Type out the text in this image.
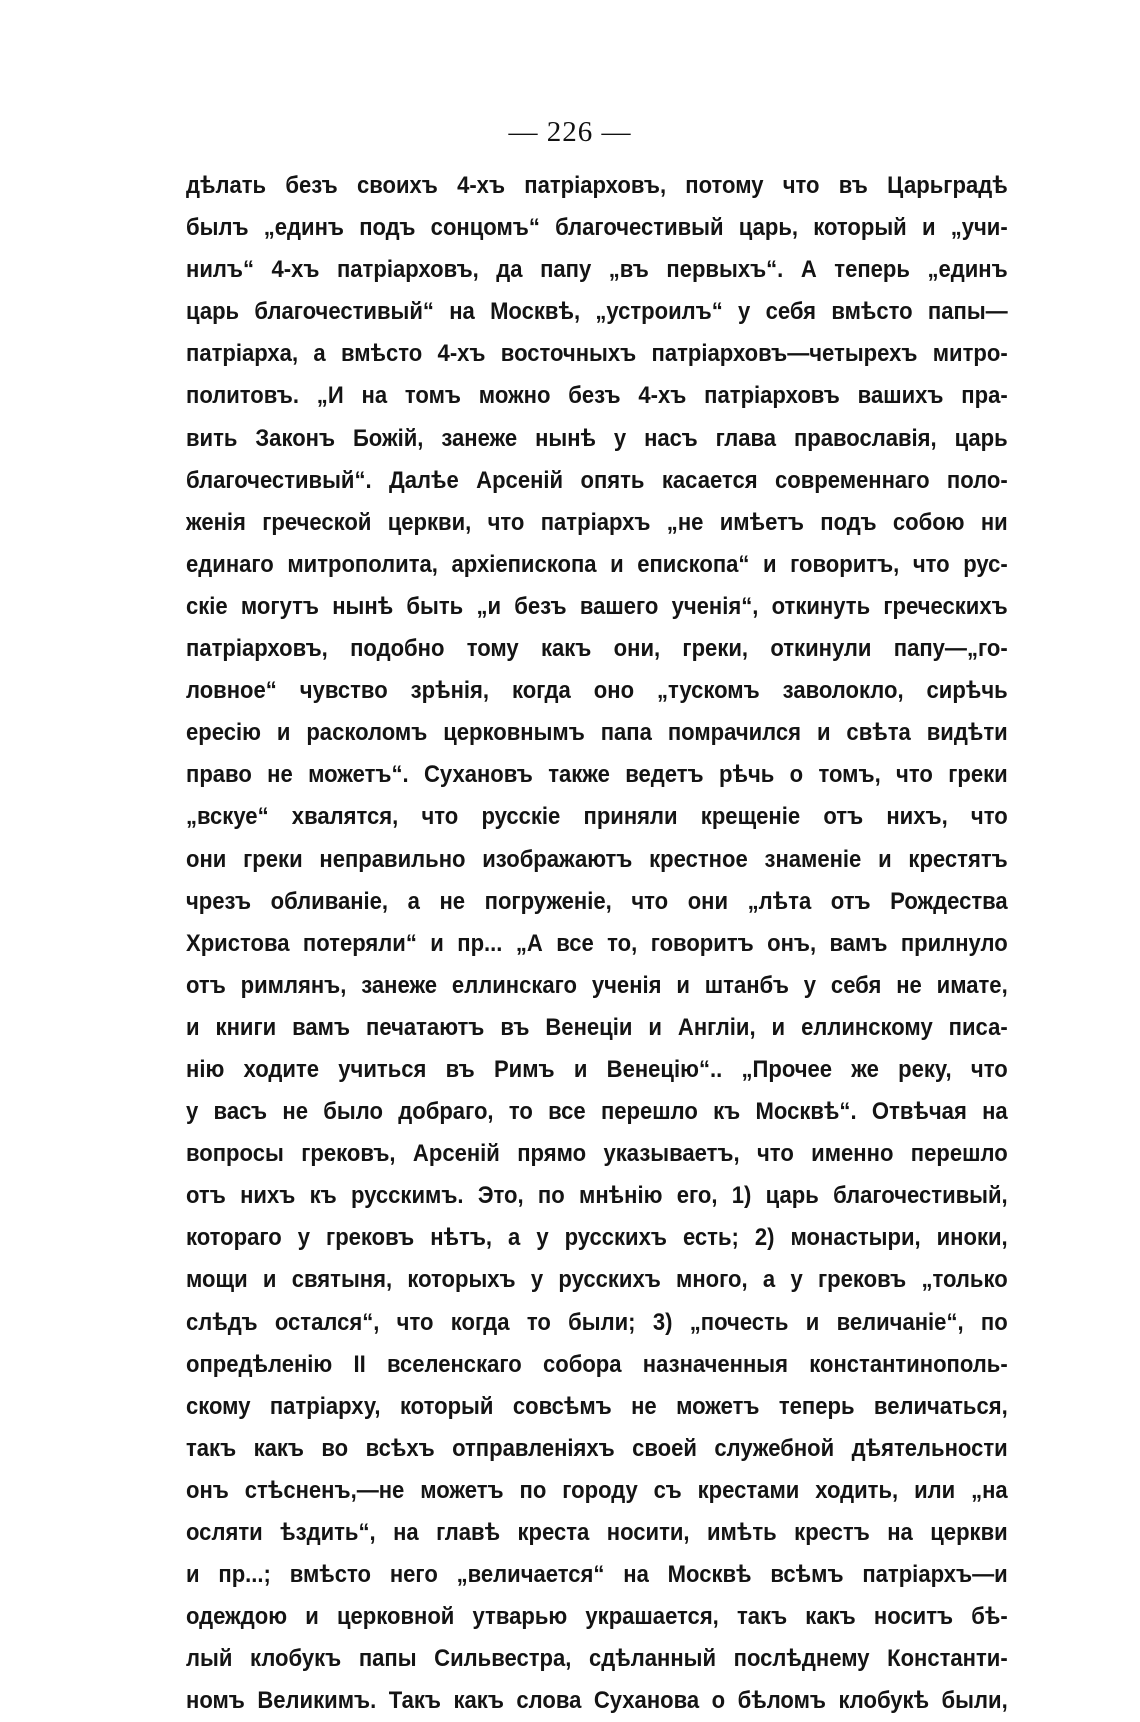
— 226 —
дѣлать безъ своихъ 4-хъ патріарховъ, потому что въ Царьградѣ
былъ „единъ подъ сонцомъ“ благочестивый царь, который и „учи-
нилъ“ 4-хъ патріарховъ, да папу „въ первыхъ“. А теперь „единъ
царь благочестивый“ на Москвѣ, „устроилъ“ у себя вмѣсто папы—
патріарха, а вмѣсто 4-хъ восточныхъ патріарховъ—четырехъ митро-
политовъ. „И на томъ можно безъ 4-хъ патріарховъ вашихъ пра-
вить Законъ Божій, занеже нынѣ у насъ глава православія, царь
благочестивый“. Далѣе Арсеній опять касается современнаго поло-
женія греческой церкви, что патріархъ „не имѣетъ подъ собою ни
единаго митрополита, архіепископа и епископа“ и говоритъ, что рус-
скіе могутъ нынѣ быть „и безъ вашего ученія“, откинуть греческихъ
патріарховъ, подобно тому какъ они, греки, откинули папу—„го-
ловное“ чувство зрѣнія, когда оно „тускомъ заволокло, сирѣчь
ересію и расколомъ церковнымъ папа помрачился и свѣта видѣти
право не можетъ“. Сухановъ также ведетъ рѣчь о томъ, что греки
„вскуе“ хвалятся, что русскіе приняли крещеніе отъ нихъ, что
они греки неправильно изображаютъ крестное знаменіе и крестятъ
чрезъ обливаніе, а не погруженіе, что они „лѣта отъ Рождества
Христова потеряли“ и пр... „А все то, говоритъ онъ, вамъ прилнуло
отъ римлянъ, занеже еллинскаго ученія и штанбъ у себя не имате,
и книги вамъ печатаютъ въ Венеціи и Англіи, и еллинскому писа-
нію ходите учиться въ Римъ и Венецію“.. „Прочее же реку, что
у васъ не было добраго, то все перешло къ Москвѣ“. Отвѣчая на
вопросы грековъ, Арсеній прямо указываетъ, что именно перешло
отъ нихъ къ русскимъ. Это, по мнѣнію его, 1) царь благочестивый,
котораго у грековъ нѣтъ, а у русскихъ есть; 2) монастыри, иноки,
мощи и святыня, которыхъ у русскихъ много, а у грековъ „только
слѣдъ остался“, что когда то были; 3) „почесть и величаніе“, по
опредѣленію II вселенскаго собора назначенныя константинополь-
скому патріарху, который совсѣмъ не можетъ теперь величаться,
такъ какъ во всѣхъ отправленіяхъ своей служебной дѣятельности
онъ стѣсненъ,—не можетъ по городу съ крестами ходить, или „на
осляти ѣздить“, на главѣ креста носити, имѣть крестъ на церкви
и пр...; вмѣсто него „величается“ на Москвѣ всѣмъ патріархъ—и
одеждою и церковной утварью украшается, такъ какъ носитъ бѣ-
лый клобукъ папы Сильвестра, сдѣланный послѣднему Константи-
номъ Великимъ. Такъ какъ слова Суханова о бѣломъ клобукѣ были,
